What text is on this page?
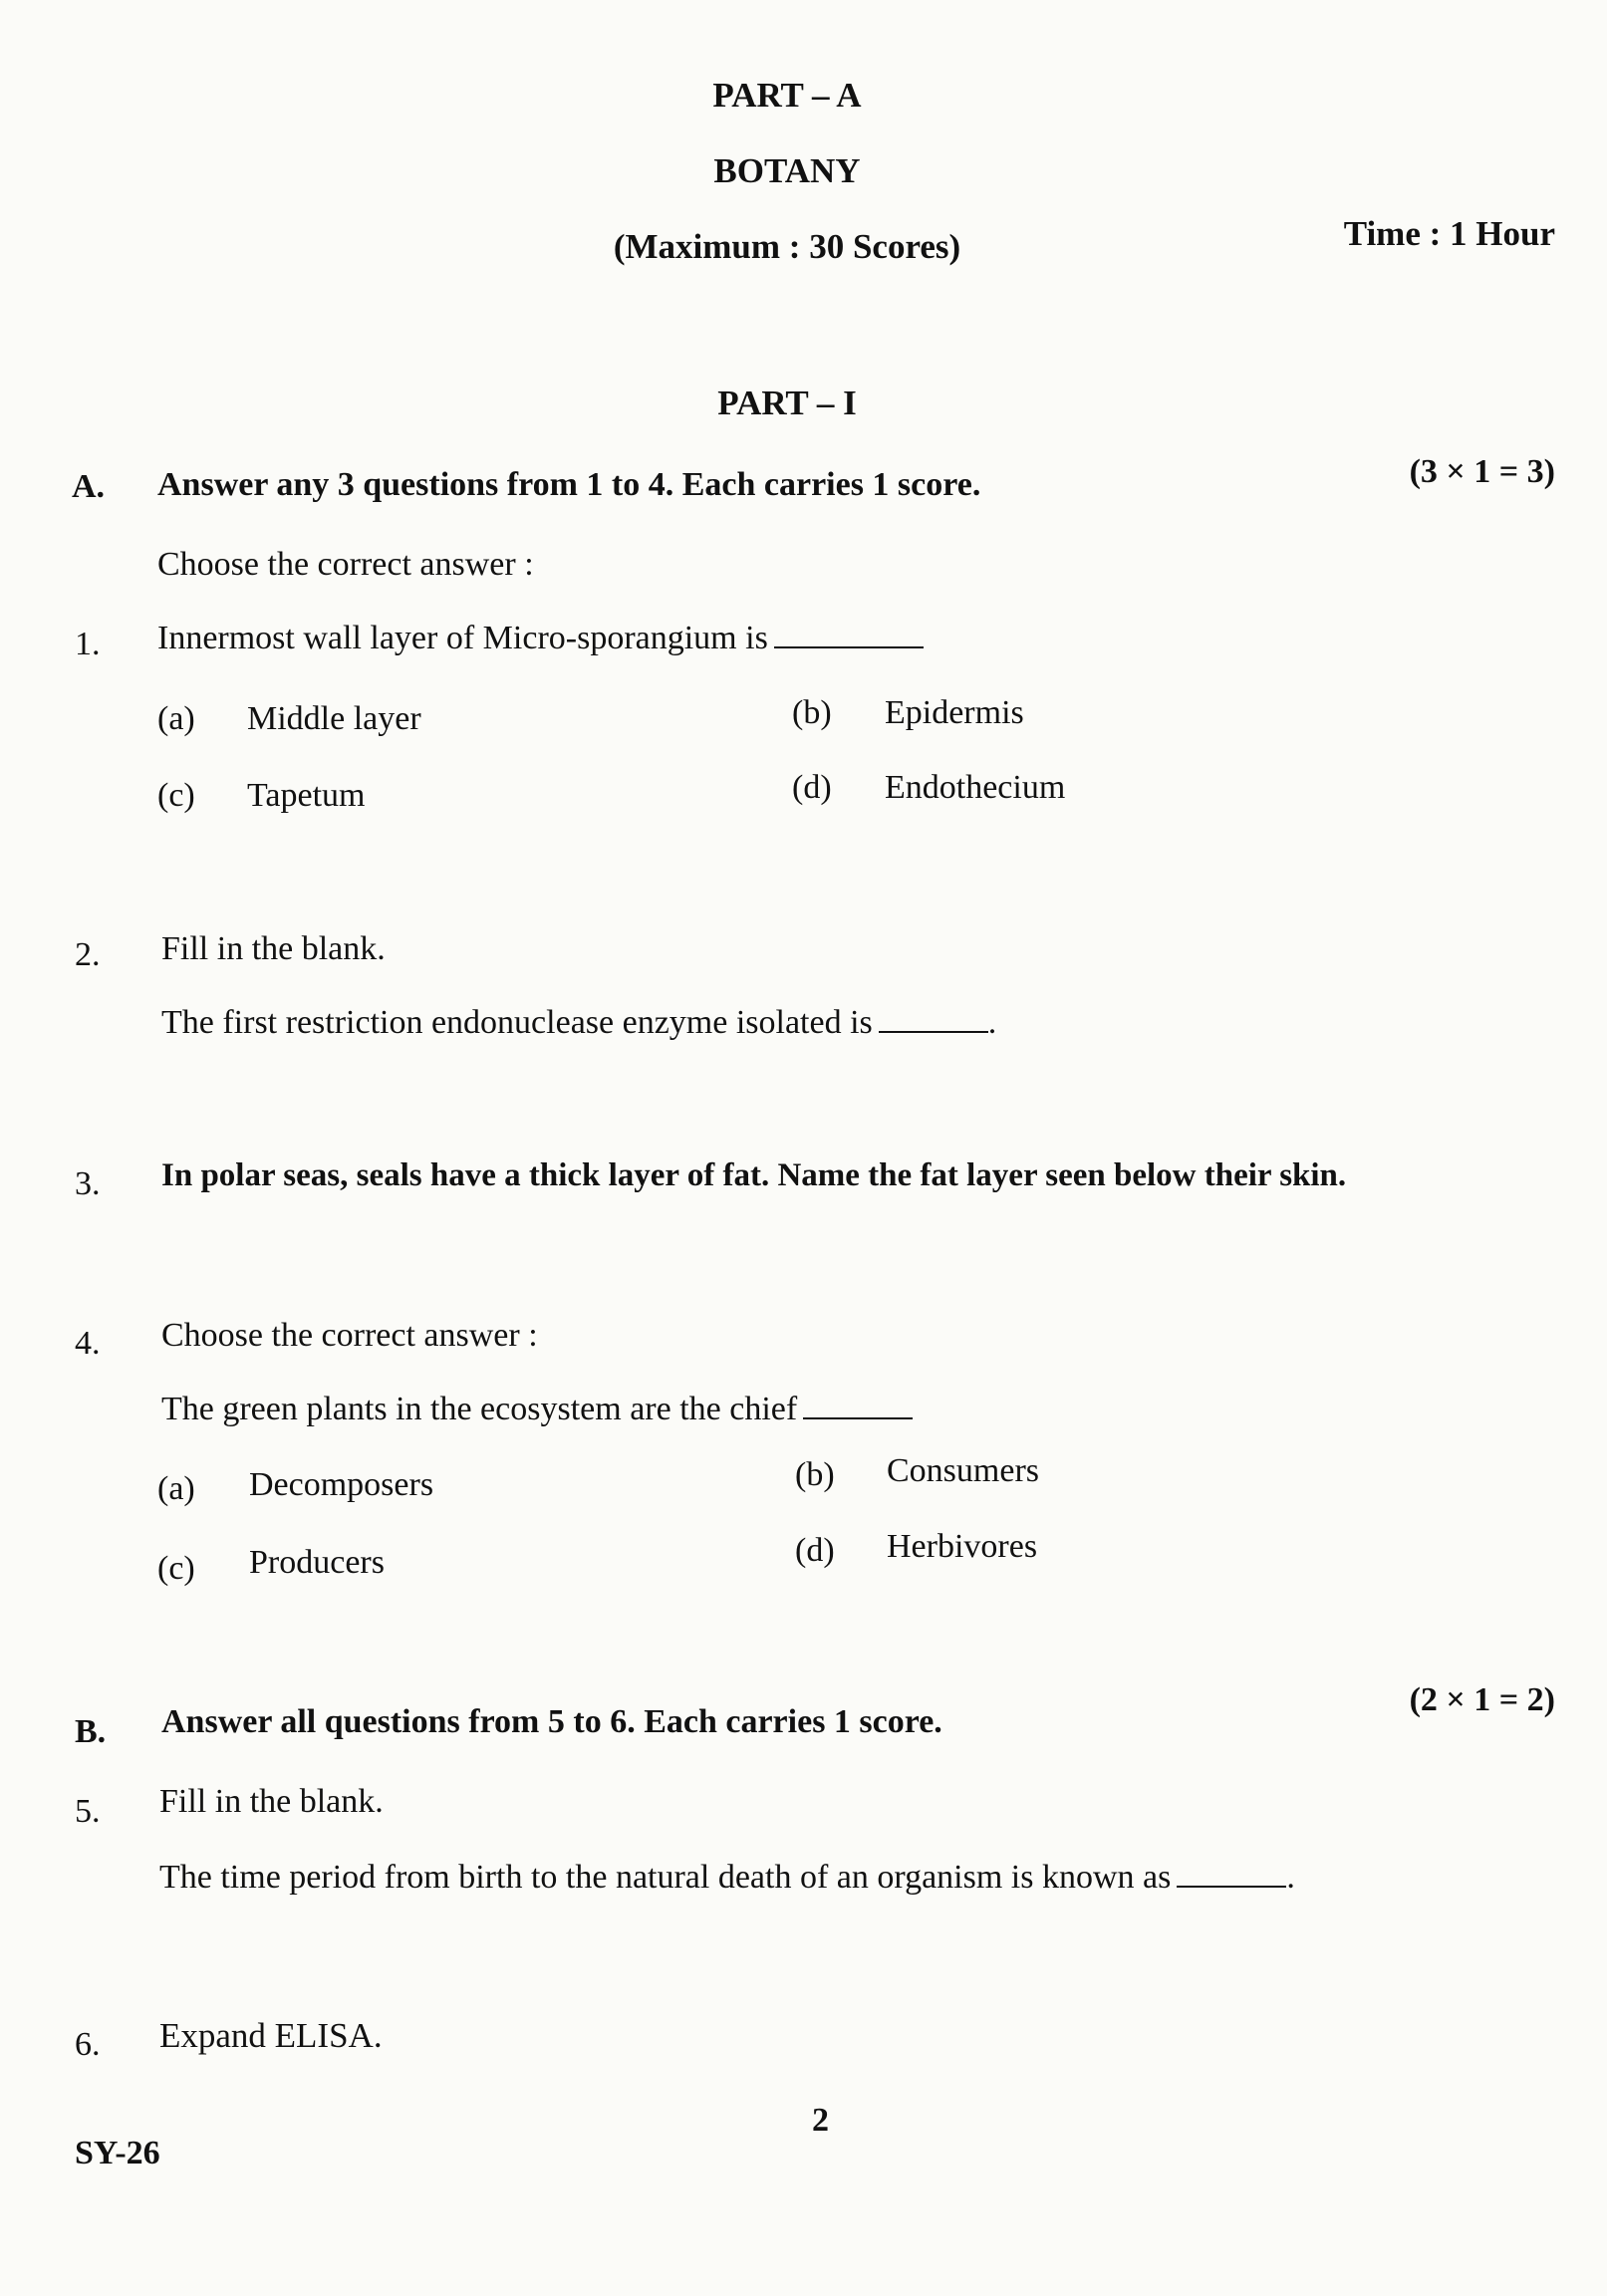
PART – A
BOTANY
(Maximum : 30 Scores)	Time : 1 Hour
PART – I
A. Answer any 3 questions from 1 to 4. Each carries 1 score.	(3 × 1 = 3)
Choose the correct answer :
1. Innermost wall layer of Micro-sporangium is
(a) Middle layer	(b) Epidermis
(c) Tapetum	(d) Endothecium
2. Fill in the blank.
The first restriction endonuclease enzyme isolated is	.
3. In polar seas, seals have a thick layer of fat. Name the fat layer seen below their skin.
4. Choose the correct answer :
The green plants in the ecosystem are the chief
(a) Decomposers	(b) Consumers
(c) Producers	(d) Herbivores
B. Answer all questions from 5 to 6. Each carries 1 score.
(2 × 1 = 2)
5. Fill in the blank.
The time period from birth to the natural death of an organism is known as	.
6. Expand ELISA.
2
SY-26
